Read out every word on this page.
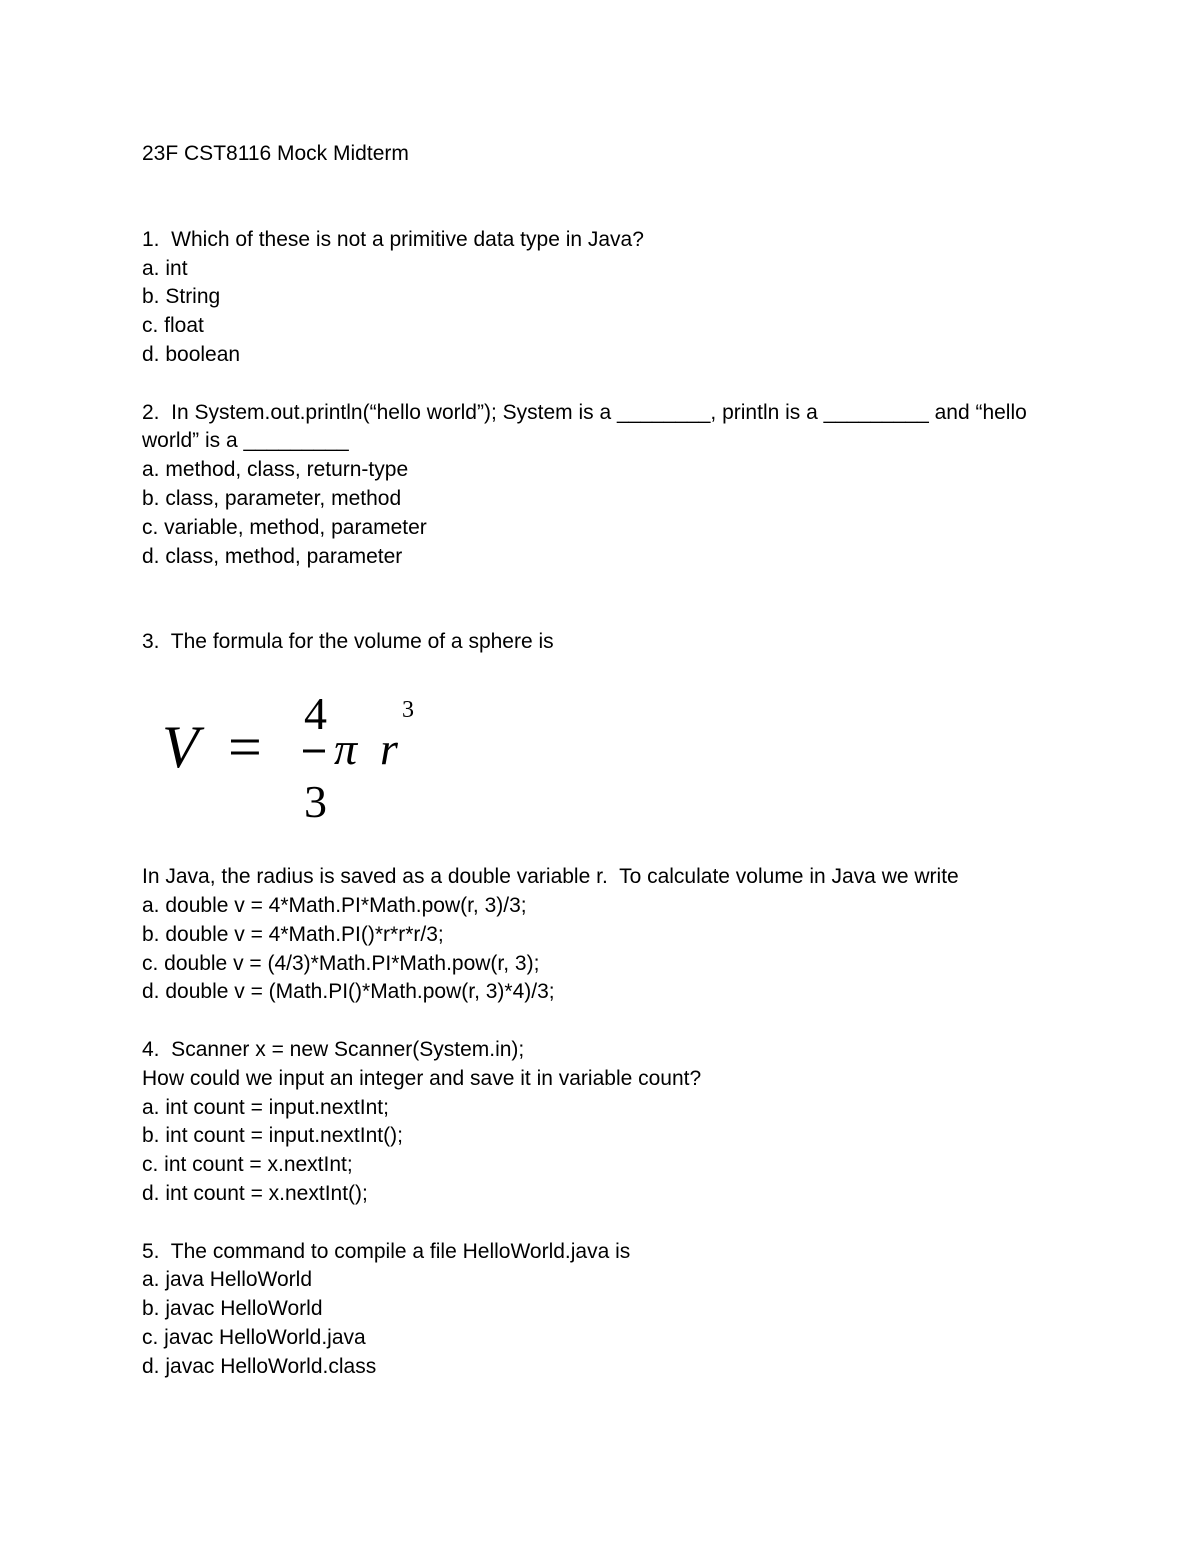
23F CST8116 Mock Midterm
1.  Which of these is not a primitive data type in Java?
a. int
b. String
c. float
d. boolean
2.  In System.out.println(“hello world”); System is a ________, println is a _________ and “hello
world” is a _________
a. method, class, return-type
b. class, parameter, method
c. variable, method, parameter
d. class, method, parameter
3.  The formula for the volume of a sphere is
V =
4
3
π r
3
In Java, the radius is saved as a double variable r.  To calculate volume in Java we write
a. double v = 4*Math.PI*Math.pow(r, 3)/3;
b. double v = 4*Math.PI()*r*r*r/3;
c. double v = (4/3)*Math.PI*Math.pow(r, 3);
d. double v = (Math.PI()*Math.pow(r, 3)*4)/3;
4.  Scanner x = new Scanner(System.in);
How could we input an integer and save it in variable count?
a. int count = input.nextInt;
b. int count = input.nextInt();
c. int count = x.nextInt;
d. int count = x.nextInt();
5.  The command to compile a file HelloWorld.java is
a. java HelloWorld
b. javac HelloWorld
c. javac HelloWorld.java
d. javac HelloWorld.class
